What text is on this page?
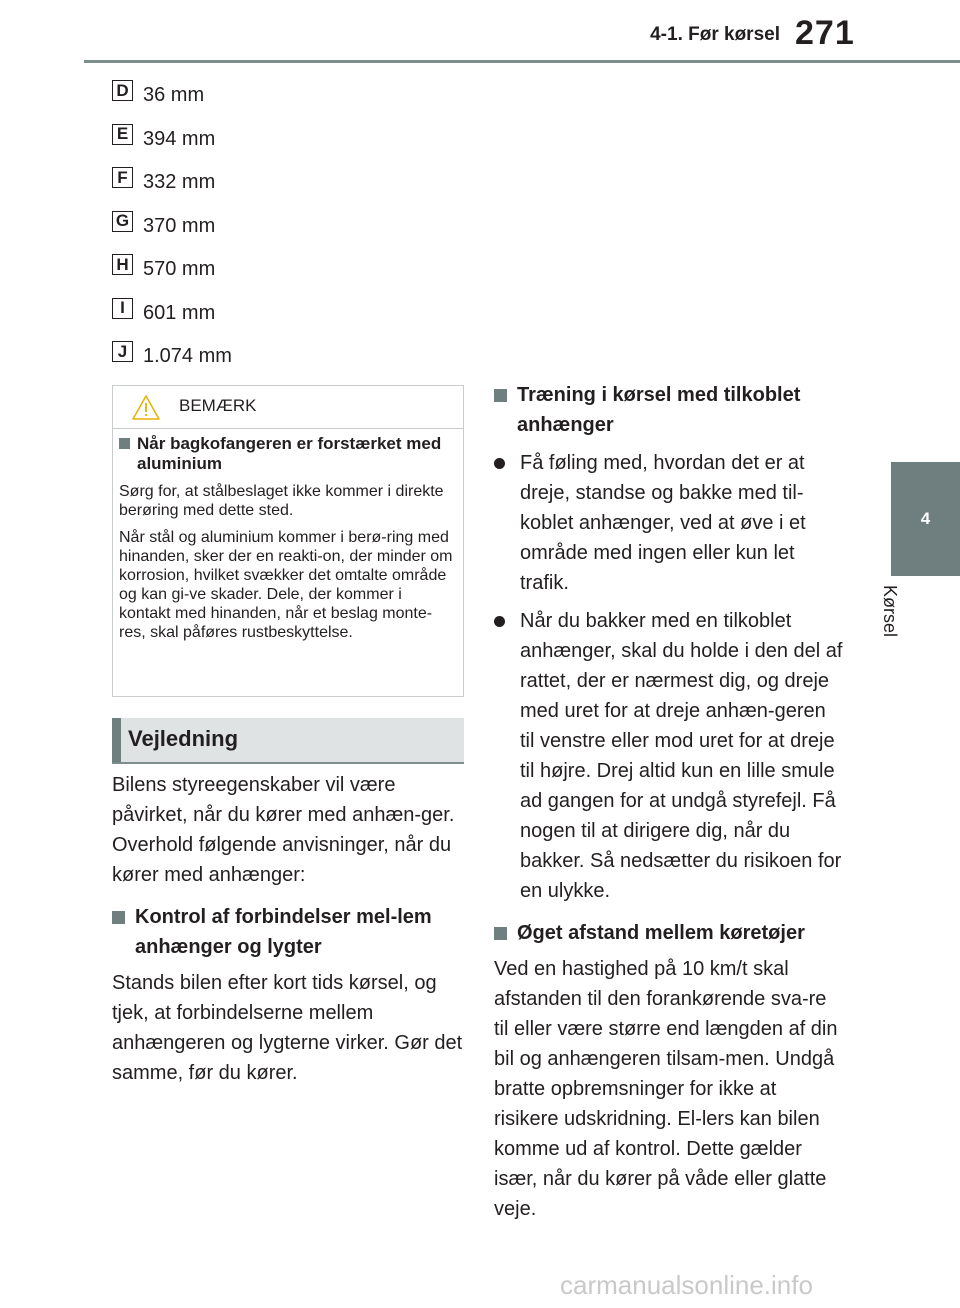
4-1. Før kørsel 271
4
Kørsel
D 36 mm
E 394 mm
F 332 mm
G 370 mm
H 570 mm
I 601 mm
J 1.074 mm
BEMÆRK
Når bagkofangeren er forstærket med aluminium

Sørg for, at stålbeslaget ikke kommer i direkte berøring med dette sted.

Når stål og aluminium kommer i berø-ring med hinanden, sker der en reakti-on, der minder om korrosion, hvilket svækker det omtalte område og kan gi-ve skader. Dele, der kommer i kontakt med hinanden, når et beslag monte-res, skal påføres rustbeskyttelse.

Vejledning
Bilens styreegenskaber vil være påvirket, når du kører med anhæn-ger. Overhold følgende anvisninger, når du kører med anhænger:
Kontrol af forbindelser mel-lem anhænger og lygter
Stands bilen efter kort tids kørsel, og tjek, at forbindelserne mellem anhængeren og lygterne virker. Gør det samme, før du kører.
Træning i kørsel med tilkoblet anhænger
Få føling med, hvordan det er at dreje, standse og bakke med til-koblet anhænger, ved at øve i et område med ingen eller kun let trafik.
Når du bakker med en tilkoblet anhænger, skal du holde i den del af rattet, der er nærmest dig, og dreje med uret for at dreje anhæn-geren til venstre eller mod uret for at dreje til højre. Drej altid kun en lille smule ad gangen for at undgå styrefejl. Få nogen til at dirigere dig, når du bakker. Så nedsætter du risikoen for en ulykke.
Øget afstand mellem køretøjer
Ved en hastighed på 10 km/t skal afstanden til den forankørende sva-re til eller være større end længden af din bil og anhængeren tilsam-men. Undgå bratte opbremsninger for ikke at risikere udskridning. El-lers kan bilen komme ud af kontrol. Dette gælder især, når du kører på våde eller glatte veje.
carmanualsonline.info
